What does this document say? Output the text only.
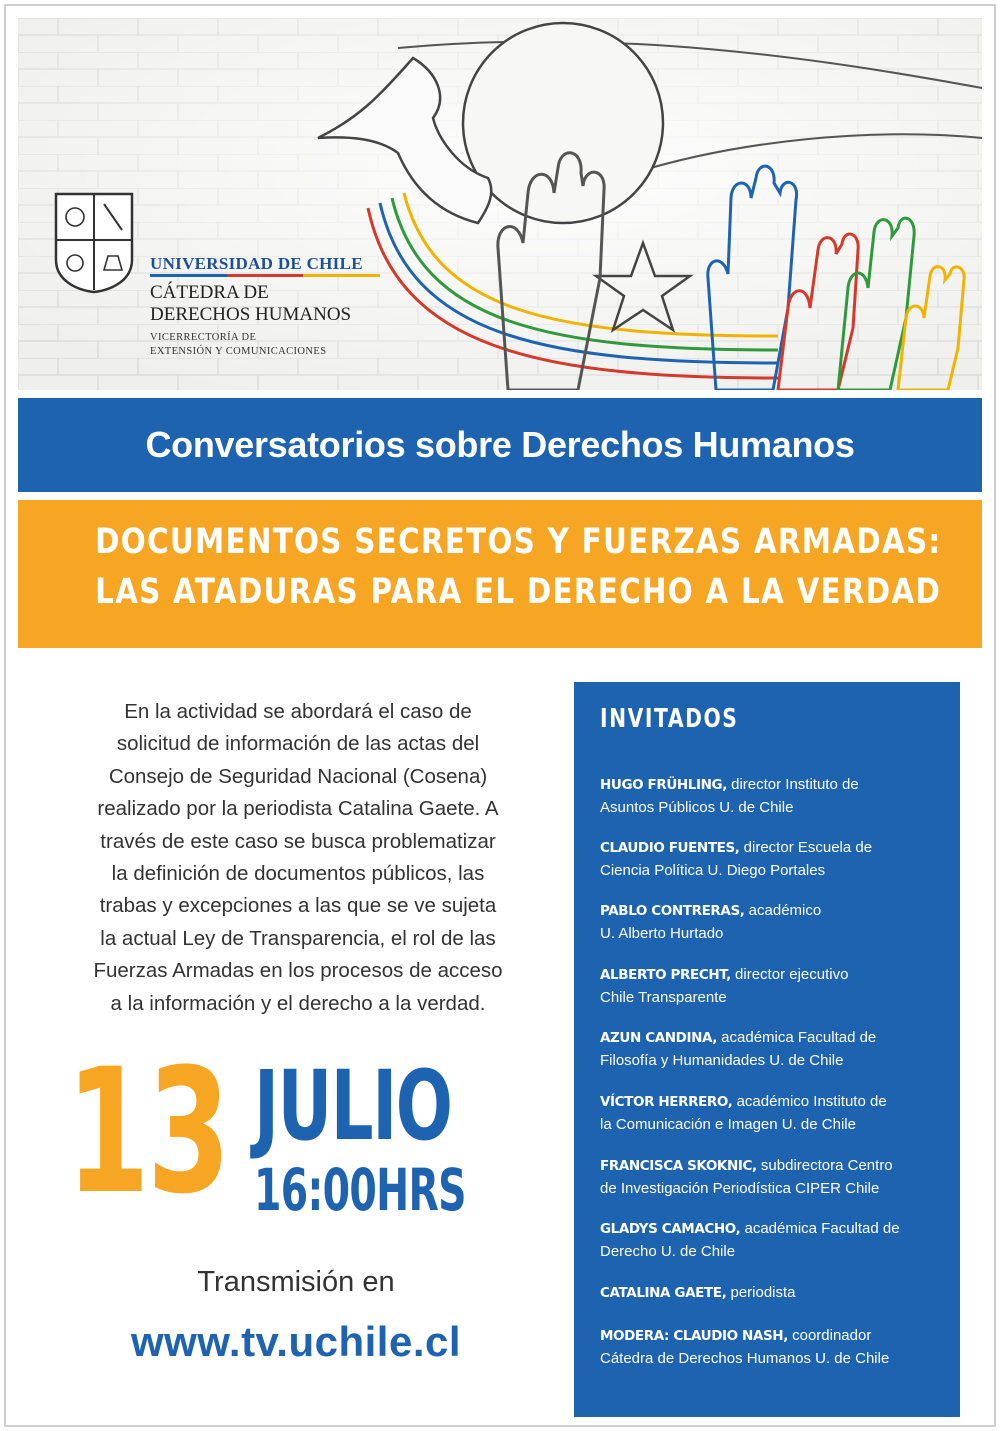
UNIVERSIDAD DE CHILE
CÁTEDRA DE
DERECHOS HUMANOS
VICERRECTORÍA DE
EXTENSIÓN Y COMUNICACIONES
Conversatorios sobre Derechos Humanos
DOCUMENTOS SECRETOS Y FUERZAS ARMADAS:
LAS ATADURAS PARA EL DERECHO A LA VERDAD
En la actividad se abordará el caso de
solicitud de información de las actas del
Consejo de Seguridad Nacional (Cosena)
realizado por la periodista Catalina Gaete. A
través de este caso se busca problematizar
la definición de documentos públicos, las
trabas y excepciones a las que se ve sujeta
la actual Ley de Transparencia, el rol de las
Fuerzas Armadas en los procesos de acceso
a la información y el derecho a la verdad.
13 JULIO
16:00HRS
Transmisión en
www.tv.uchile.cl
INVITADOS
HUGO FRÜHLING, director Instituto de
Asuntos Públicos U. de Chile
CLAUDIO FUENTES, director Escuela de
Ciencia Política U. Diego Portales
PABLO CONTRERAS, académico
U. Alberto Hurtado
ALBERTO PRECHT, director ejecutivo
Chile Transparente
AZUN CANDINA, académica Facultad de
Filosofía y Humanidades U. de Chile
VÍCTOR HERRERO, académico Instituto de
la Comunicación e Imagen U. de Chile
FRANCISCA SKOKNIC, subdirectora Centro
de Investigación Periodística CIPER Chile
GLADYS CAMACHO, académica Facultad de
Derecho U. de Chile
CATALINA GAETE, periodista
MODERA: CLAUDIO NASH, coordinador
Cátedra de Derechos Humanos U. de Chile
